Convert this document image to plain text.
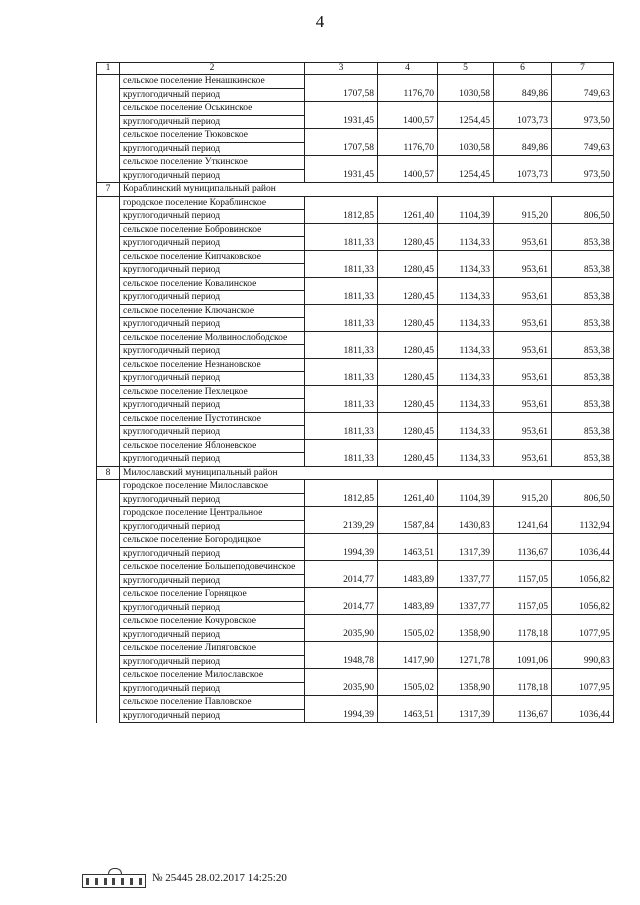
4
1	2	3	4	5	6	7
	сельское поселение Ненашкинское					
	круглогодичный период	1707,58	1176,70	1030,58	849,86	749,63
	сельское поселение Оськинское					
	круглогодичный период	1931,45	1400,57	1254,45	1073,73	973,50
	сельское поселение Тюковское					
	круглогодичный период	1707,58	1176,70	1030,58	849,86	749,63
	сельское поселение Уткинское					
	круглогодичный период	1931,45	1400,57	1254,45	1073,73	973,50
7	Кораблинский муниципальный район					
	городское поселение Кораблинское					
	круглогодичный период	1812,85	1261,40	1104,39	915,20	806,50
	сельское поселение Бобровинское					
	круглогодичный период	1811,33	1280,45	1134,33	953,61	853,38
	сельское поселение Кипчаковское					
	круглогодичный период	1811,33	1280,45	1134,33	953,61	853,38
	сельское поселение Ковалинское					
	круглогодичный период	1811,33	1280,45	1134,33	953,61	853,38
	сельское поселение Ключанское					
	круглогодичный период	1811,33	1280,45	1134,33	953,61	853,38
	сельское поселение Молвинослободское					
	круглогодичный период	1811,33	1280,45	1134,33	953,61	853,38
	сельское поселение Незнановское					
	круглогодичный период	1811,33	1280,45	1134,33	953,61	853,38
	сельское поселение Пехлецкое					
	круглогодичный период	1811,33	1280,45	1134,33	953,61	853,38
	сельское поселение Пустотинское					
	круглогодичный период	1811,33	1280,45	1134,33	953,61	853,38
	сельское поселение Яблоневское					
	круглогодичный период	1811,33	1280,45	1134,33	953,61	853,38
8	Милославский муниципальный район					
	городское поселение Милославское					
	круглогодичный период	1812,85	1261,40	1104,39	915,20	806,50
	городское поселение Центральное					
	круглогодичный период	2139,29	1587,84	1430,83	1241,64	1132,94
	сельское поселение Богородицкое					
	круглогодичный период	1994,39	1463,51	1317,39	1136,67	1036,44
	сельское поселение Большеподовечинское					
	круглогодичный период	2014,77	1483,89	1337,77	1157,05	1056,82
	сельское поселение Горняцкое					
	круглогодичный период	2014,77	1483,89	1337,77	1157,05	1056,82
	сельское поселение Кочуровское					
	круглогодичный период	2035,90	1505,02	1358,90	1178,18	1077,95
	сельское поселение Липяговское					
	круглогодичный период	1948,78	1417,90	1271,78	1091,06	990,83
	сельское поселение Милославское					
	круглогодичный период	2035,90	1505,02	1358,90	1178,18	1077,95
	сельское поселение Павловское					
	круглогодичный период	1994,39	1463,51	1317,39	1136,67	1036,44
№ 25445 28.02.2017 14:25:20
